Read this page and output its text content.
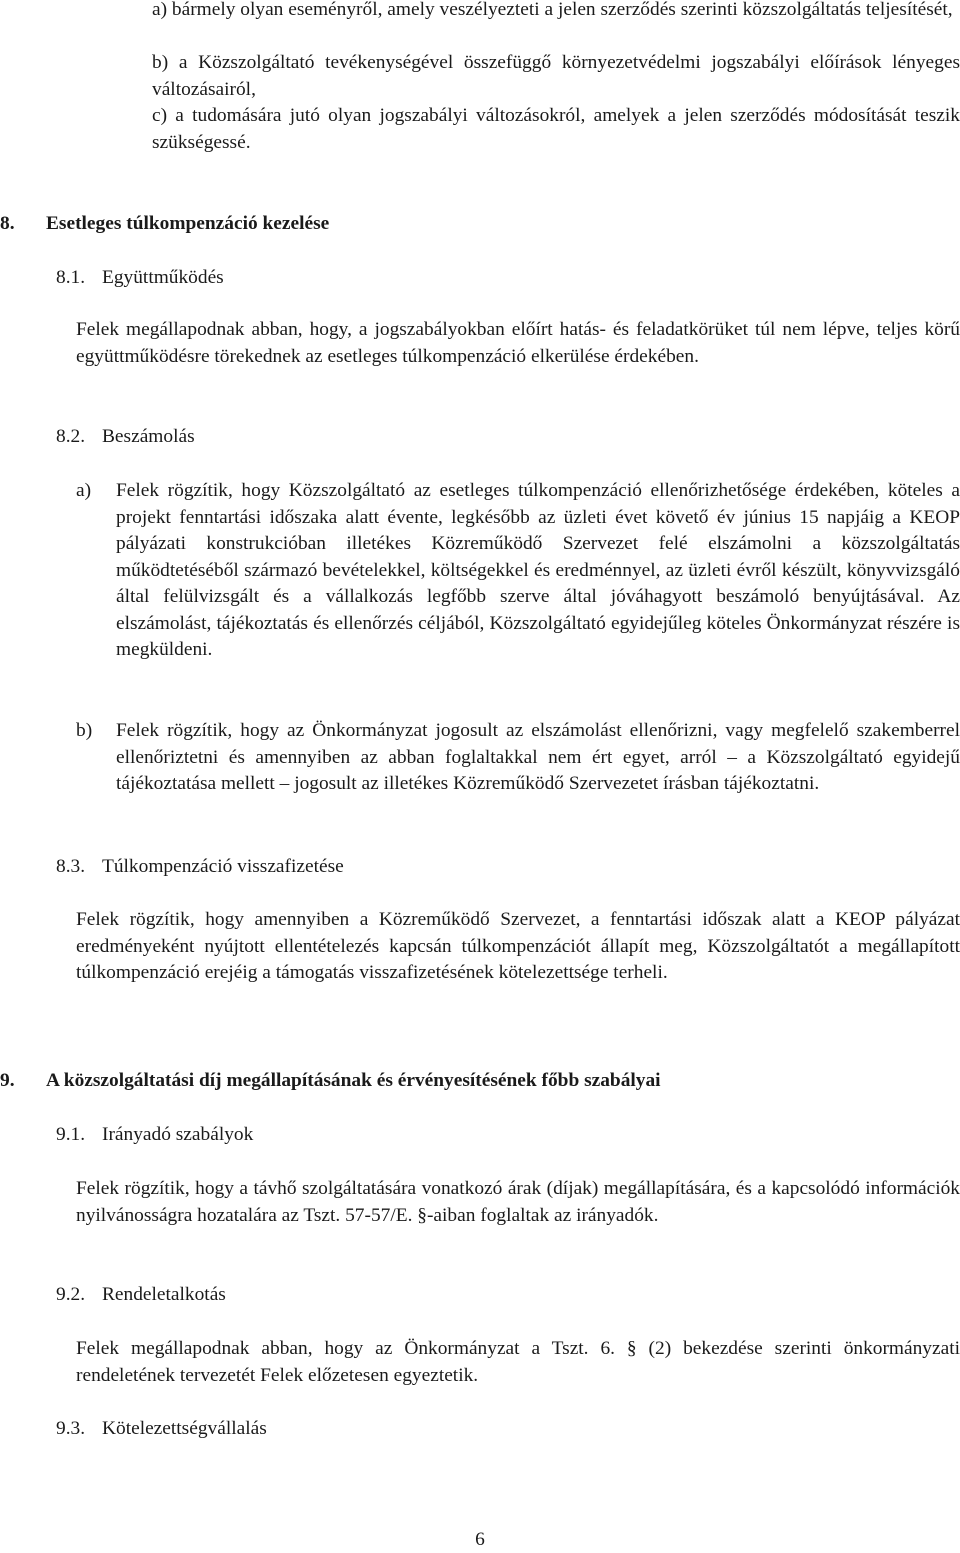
a) bármely olyan eseményről, amely veszélyezteti a jelen szerződés szerinti közszolgáltatás teljesítését,
b) a Közszolgáltató tevékenységével összefüggő környezetvédelmi jogszabályi előírások lényeges változásairól,
c) a tudomására jutó olyan jogszabályi változásokról, amelyek a jelen szerződés módosítását teszik szükségessé.
8. Esetleges túlkompenzáció kezelése
8.1. Együttműködés
Felek megállapodnak abban, hogy, a jogszabályokban előírt hatás- és feladatkörüket túl nem lépve, teljes körű együttműködésre törekednek az esetleges túlkompenzáció elkerülése érdekében.
8.2. Beszámolás
a) Felek rögzítik, hogy Közszolgáltató az esetleges túlkompenzáció ellenőrizhetősége érdekében, köteles a projekt fenntartási időszaka alatt évente, legkésőbb az üzleti évet követő év június 15 napjáig a KEOP pályázati konstrukcióban illetékes Közreműködő Szervezet felé elszámolni a közszolgáltatás működtetéséből származó bevételekkel, költségekkel és eredménnyel, az üzleti évről készült, könyvvizsgáló által felülvizsgált és a vállalkozás legfőbb szerve által jóváhagyott beszámoló benyújtásával. Az elszámolást, tájékoztatás és ellenőrzés céljából, Közszolgáltató egyidejűleg köteles Önkormányzat részére is megküldeni.
b) Felek rögzítik, hogy az Önkormányzat jogosult az elszámolást ellenőrizni, vagy megfelelő szakemberrel ellenőriztetni és amennyiben az abban foglaltakkal nem ért egyet, arról – a Közszolgáltató egyidejű tájékoztatása mellett – jogosult az illetékes Közreműködő Szervezetet írásban tájékoztatni.
8.3. Túlkompenzáció visszafizetése
Felek rögzítik, hogy amennyiben a Közreműködő Szervezet, a fenntartási időszak alatt a KEOP pályázat eredményeként nyújtott ellentételezés kapcsán túlkompenzációt állapít meg, Közszolgáltatót a megállapított túlkompenzáció erejéig a támogatás visszafizetésének kötelezettsége terheli.
9. A közszolgáltatási díj megállapításának és érvényesítésének főbb szabályai
9.1. Irányadó szabályok
Felek rögzítik, hogy a távhő szolgáltatására vonatkozó árak (díjak) megállapítására, és a kapcsolódó információk nyilvánosságra hozatalára az Tszt. 57-57/E. §-aiban foglaltak az irányadók.
9.2. Rendeletalkotás
Felek megállapodnak abban, hogy az Önkormányzat a Tszt. 6. § (2) bekezdése szerinti önkormányzati rendeletének tervezetét Felek előzetesen egyeztetik.
9.3. Kötelezettségvállalás
6
